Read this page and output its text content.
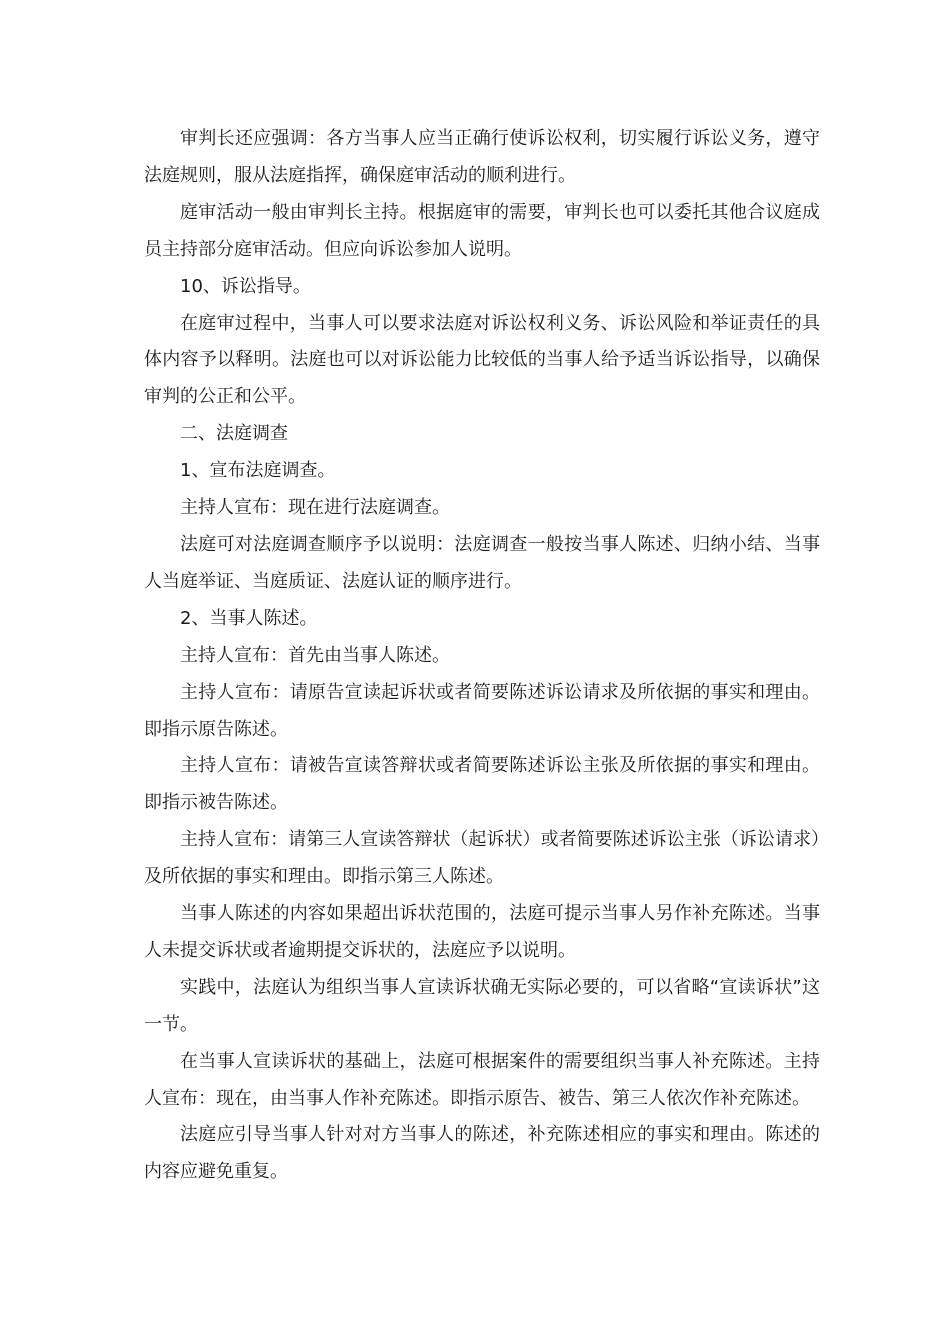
审判长还应强调：各方当事人应当正确行使诉讼权利，切实履行诉讼义务，遵守法庭规则，服从法庭指挥，确保庭审活动的顺利进行。

庭审活动一般由审判长主持。根据庭审的需要，审判长也可以委托其他合议庭成员主持部分庭审活动。但应向诉讼参加人说明。

10、诉讼指导。

在庭审过程中，当事人可以要求法庭对诉讼权利义务、诉讼风险和举证责任的具体内容予以释明。法庭也可以对诉讼能力比较低的当事人给予适当诉讼指导，以确保审判的公正和公平。

二、法庭调查

1、宣布法庭调查。

主持人宣布：现在进行法庭调查。

法庭可对法庭调查顺序予以说明：法庭调查一般按当事人陈述、归纳小结、当事人当庭举证、当庭质证、法庭认证的顺序进行。

2、当事人陈述。

主持人宣布：首先由当事人陈述。

主持人宣布：请原告宣读起诉状或者简要陈述诉讼请求及所依据的事实和理由。即指示原告陈述。

主持人宣布：请被告宣读答辩状或者简要陈述诉讼主张及所依据的事实和理由。即指示被告陈述。

主持人宣布：请第三人宣读答辩状（起诉状）或者简要陈述诉讼主张（诉讼请求）及所依据的事实和理由。即指示第三人陈述。

当事人陈述的内容如果超出诉状范围的，法庭可提示当事人另作补充陈述。当事人未提交诉状或者逾期提交诉状的，法庭应予以说明。

实践中，法庭认为组织当事人宣读诉状确无实际必要的，可以省略“宣读诉状”这一节。

在当事人宣读诉状的基础上，法庭可根据案件的需要组织当事人补充陈述。主持人宣布：现在，由当事人作补充陈述。即指示原告、被告、第三人依次作补充陈述。

法庭应引导当事人针对对方当事人的陈述，补充陈述相应的事实和理由。陈述的内容应避免重复。
